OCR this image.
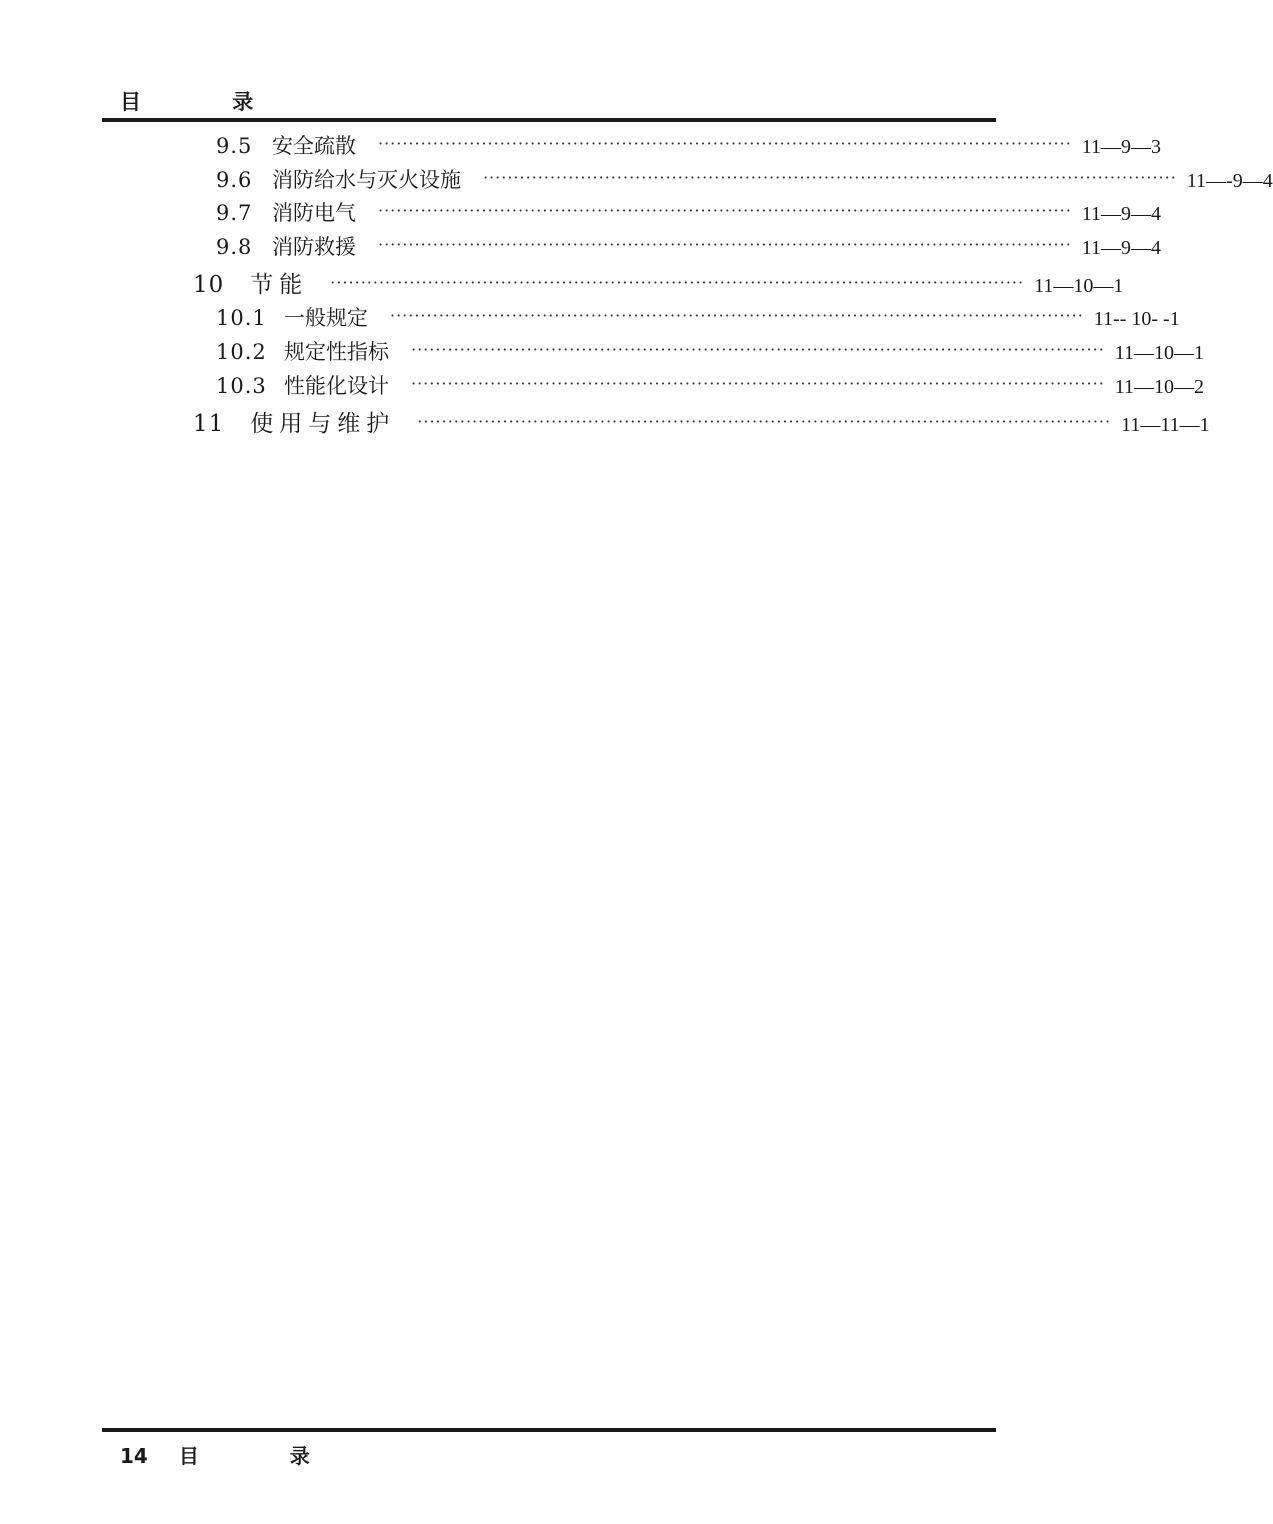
目 录
9.5 安全疏散 ·················································································································· 11—9—3
9.6 消防给水与灭火设施 ·················································································································· 11—-9—4
9.7 消防电气 ·················································································································· 11—9—4
9.8 消防救援 ·················································································································· 11—9—4
10 节能 ·················································································································· 11—10—1
10.1 一般规定 ·················································································································· 11-- 10- -1
10.2 规定性指标 ·················································································································· 11—10—1
10.3 性能化设计 ·················································································································· 11—10—2
11 使用与维护 ·················································································································· 11—11—1
14 目 录
